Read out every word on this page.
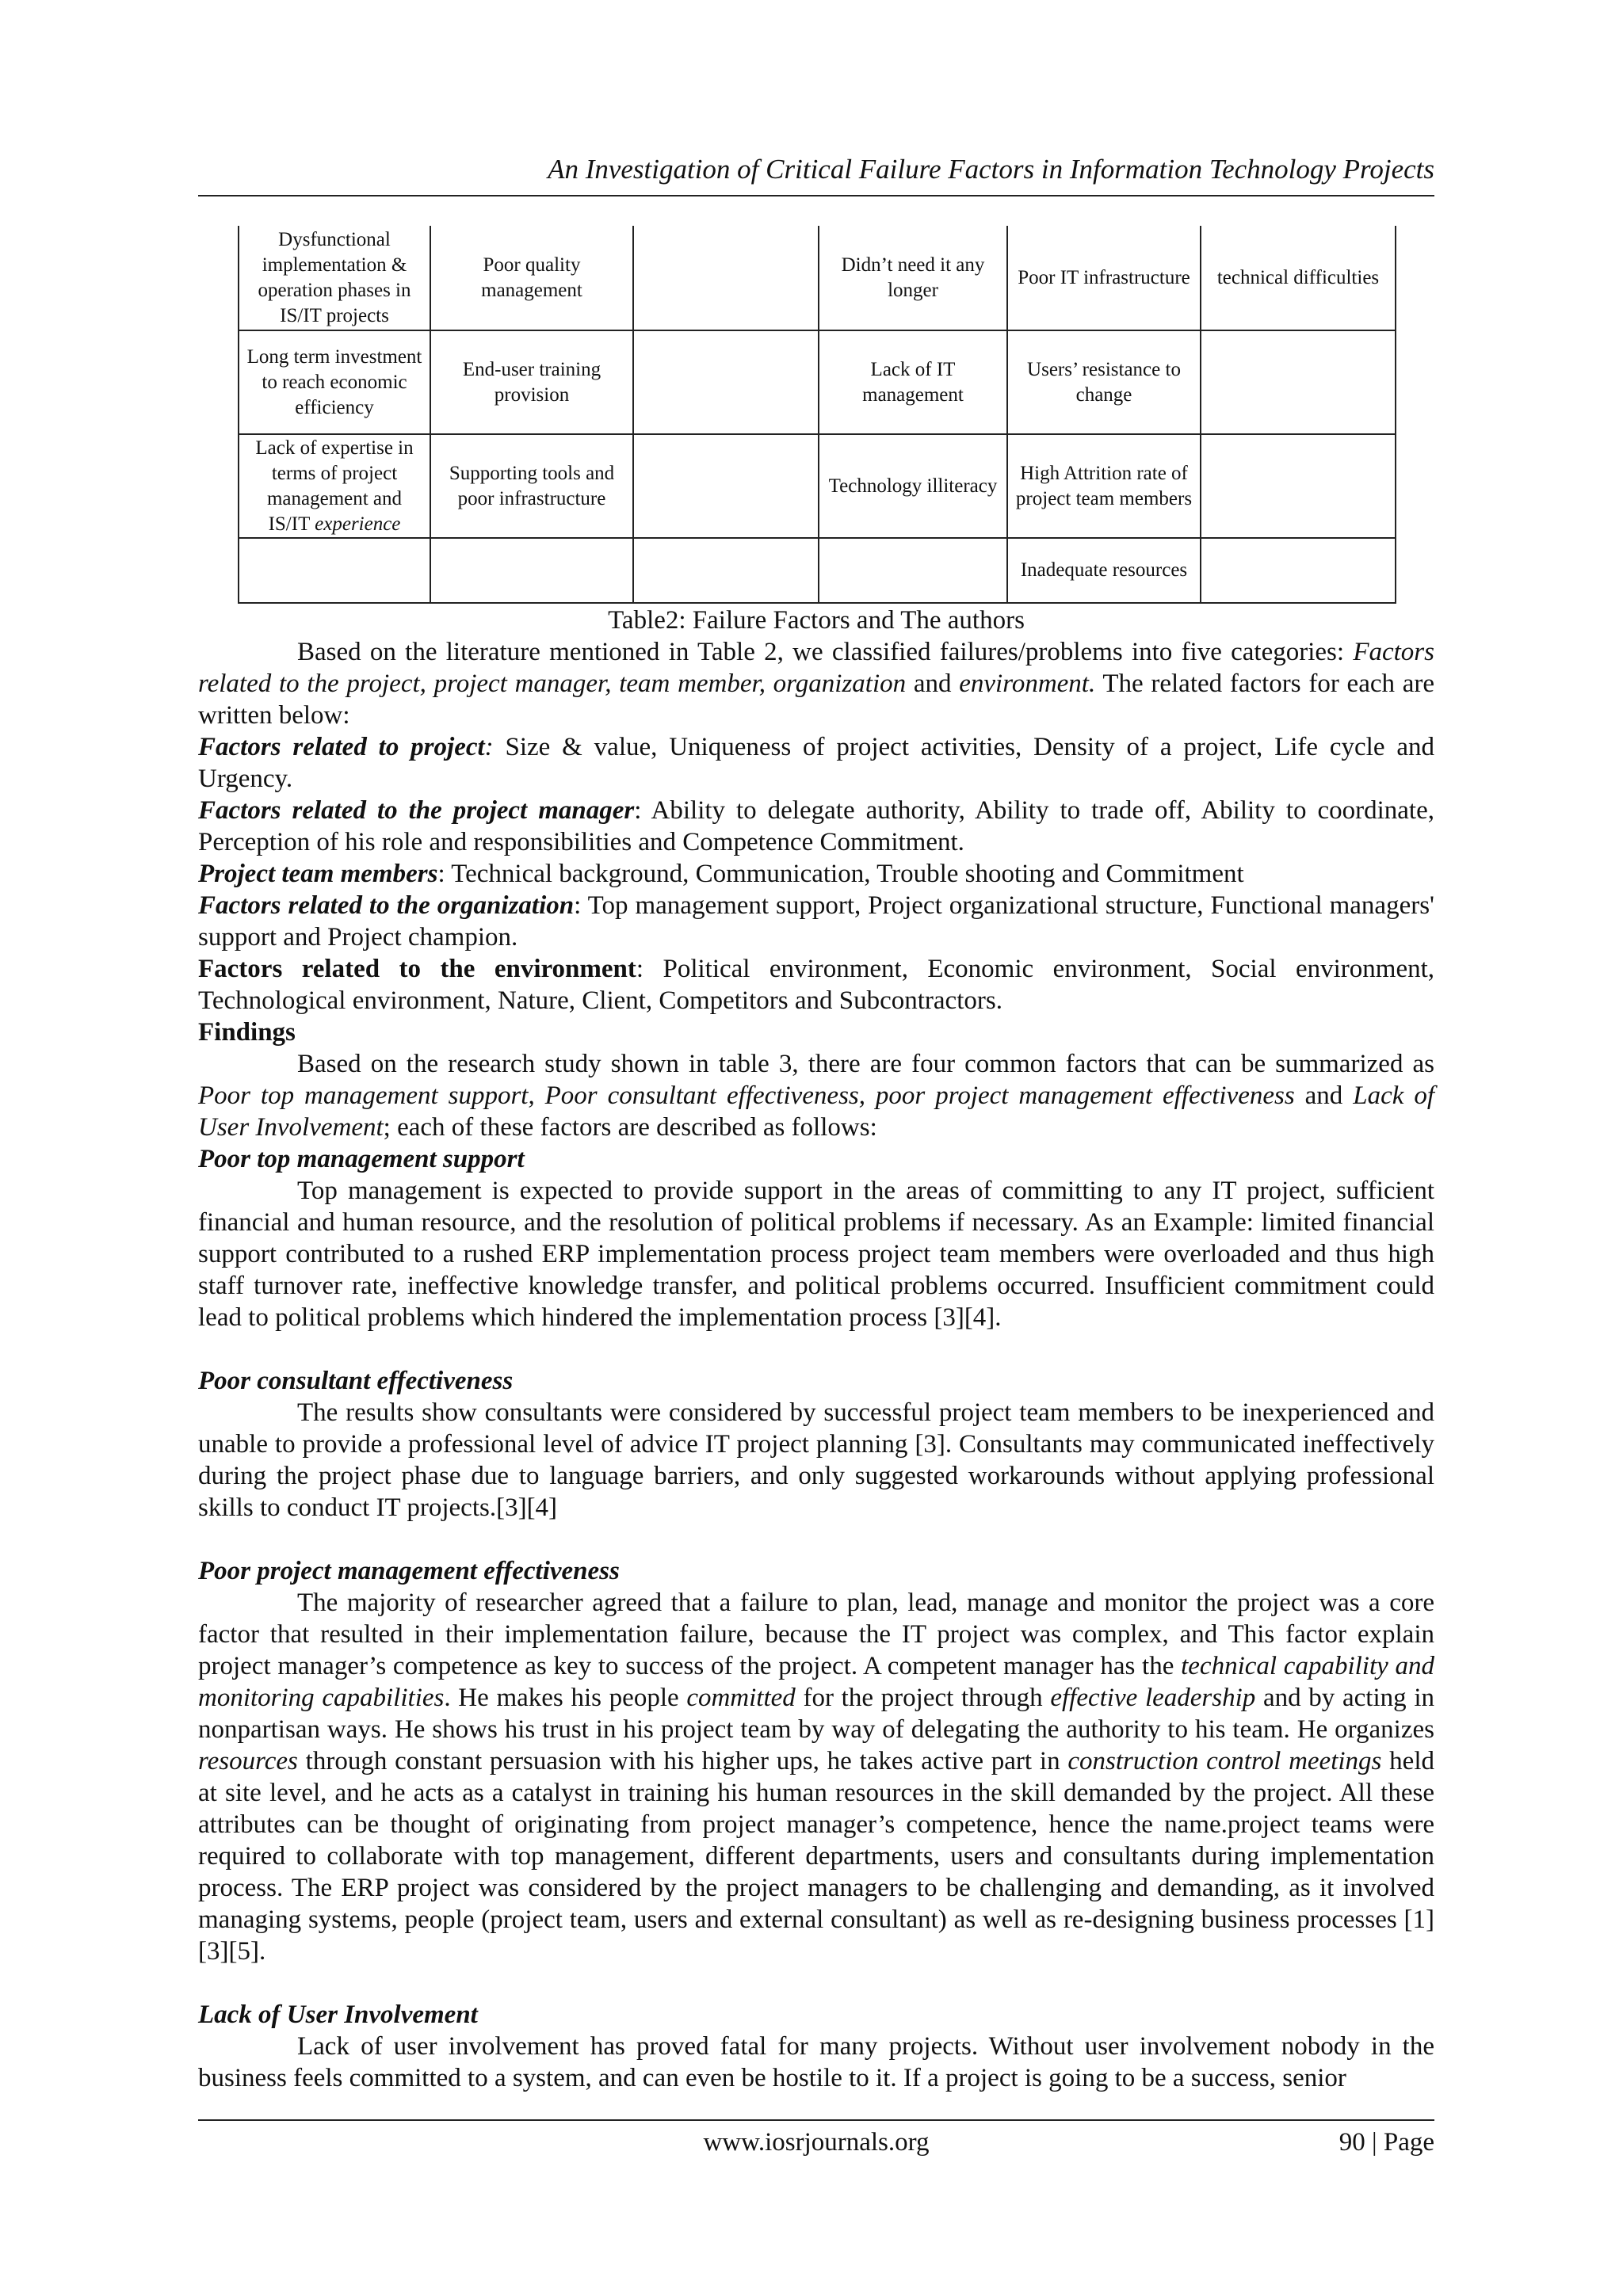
An Investigation of Critical Failure Factors in Information Technology Projects
Dysfunctional implementation & operation phases in IS/IT projects	Poor quality management		Didn’t need it any longer	Poor IT infrastructure	technical difficulties
Long term investment to reach economic efficiency	End-user training provision		Lack of IT management	Users’ resistance to change	
Lack of expertise in terms of project management and IS/IT experience	Supporting tools and poor infrastructure		Technology illiteracy	High Attrition rate of project team members	
				Inadequate resources	
Table2: Failure Factors and The authors

Based on the literature mentioned in Table 2, we classified failures/problems into five categories: Factors related to the project, project manager, team member, organization and environment. The related factors for each are written below:

Factors related to project: Size & value, Uniqueness of project activities, Density of a project, Life cycle and Urgency.

Factors related to the project manager: Ability to delegate authority, Ability to trade off, Ability to coordinate, Perception of his role and responsibilities and Competence Commitment.

Project team members: Technical background, Communication, Trouble shooting and Commitment

Factors related to the organization: Top management support, Project organizational structure, Functional managers' support and Project champion.

Factors related to the environment: Political environment, Economic environment, Social environment, Technological environment, Nature, Client, Competitors and Subcontractors.

Findings

Based on the research study shown in table 3, there are four common factors that can be summarized as Poor top management support, Poor consultant effectiveness, poor project management effectiveness and Lack of User Involvement; each of these factors are described as follows:

Poor top management support

Top management is expected to provide support in the areas of committing to any IT project, sufficient financial and human resource, and the resolution of political problems if necessary. As an Example: limited financial support contributed to a rushed ERP implementation process project team members were overloaded and thus high staff turnover rate, ineffective knowledge transfer, and political problems occurred. Insufficient commitment could lead to political problems which hindered the implementation process [3][4].

Poor consultant effectiveness

The results show consultants were considered by successful project team members to be inexperienced and unable to provide a professional level of advice IT project planning [3]. Consultants may communicated ineffectively during the project phase due to language barriers, and only suggested workarounds without applying professional skills to conduct IT projects.[3][4]

Poor project management effectiveness

The majority of researcher agreed that a failure to plan, lead, manage and monitor the project was a core factor that resulted in their implementation failure, because the IT project was complex, and This factor explain project manager’s competence as key to success of the project. A competent manager has the technical capability and monitoring capabilities. He makes his people committed for the project through effective leadership and by acting in nonpartisan ways. He shows his trust in his project team by way of delegating the authority to his team. He organizes resources through constant persuasion with his higher ups, he takes active part in construction control meetings held at site level, and he acts as a catalyst in training his human resources in the skill demanded by the project. All these attributes can be thought of originating from project manager’s competence, hence the name.project teams were required to collaborate with top management, different departments, users and consultants during implementation process. The ERP project was considered by the project managers to be challenging and demanding, as it involved managing systems, people (project team, users and external consultant) as well as re-designing business processes [1][3][5].

Lack of User Involvement

Lack of user involvement has proved fatal for many projects. Without user involvement nobody in the business feels committed to a system, and can even be hostile to it. If a project is going to be a success, senior

www.iosrjournals.org	90 | Page
